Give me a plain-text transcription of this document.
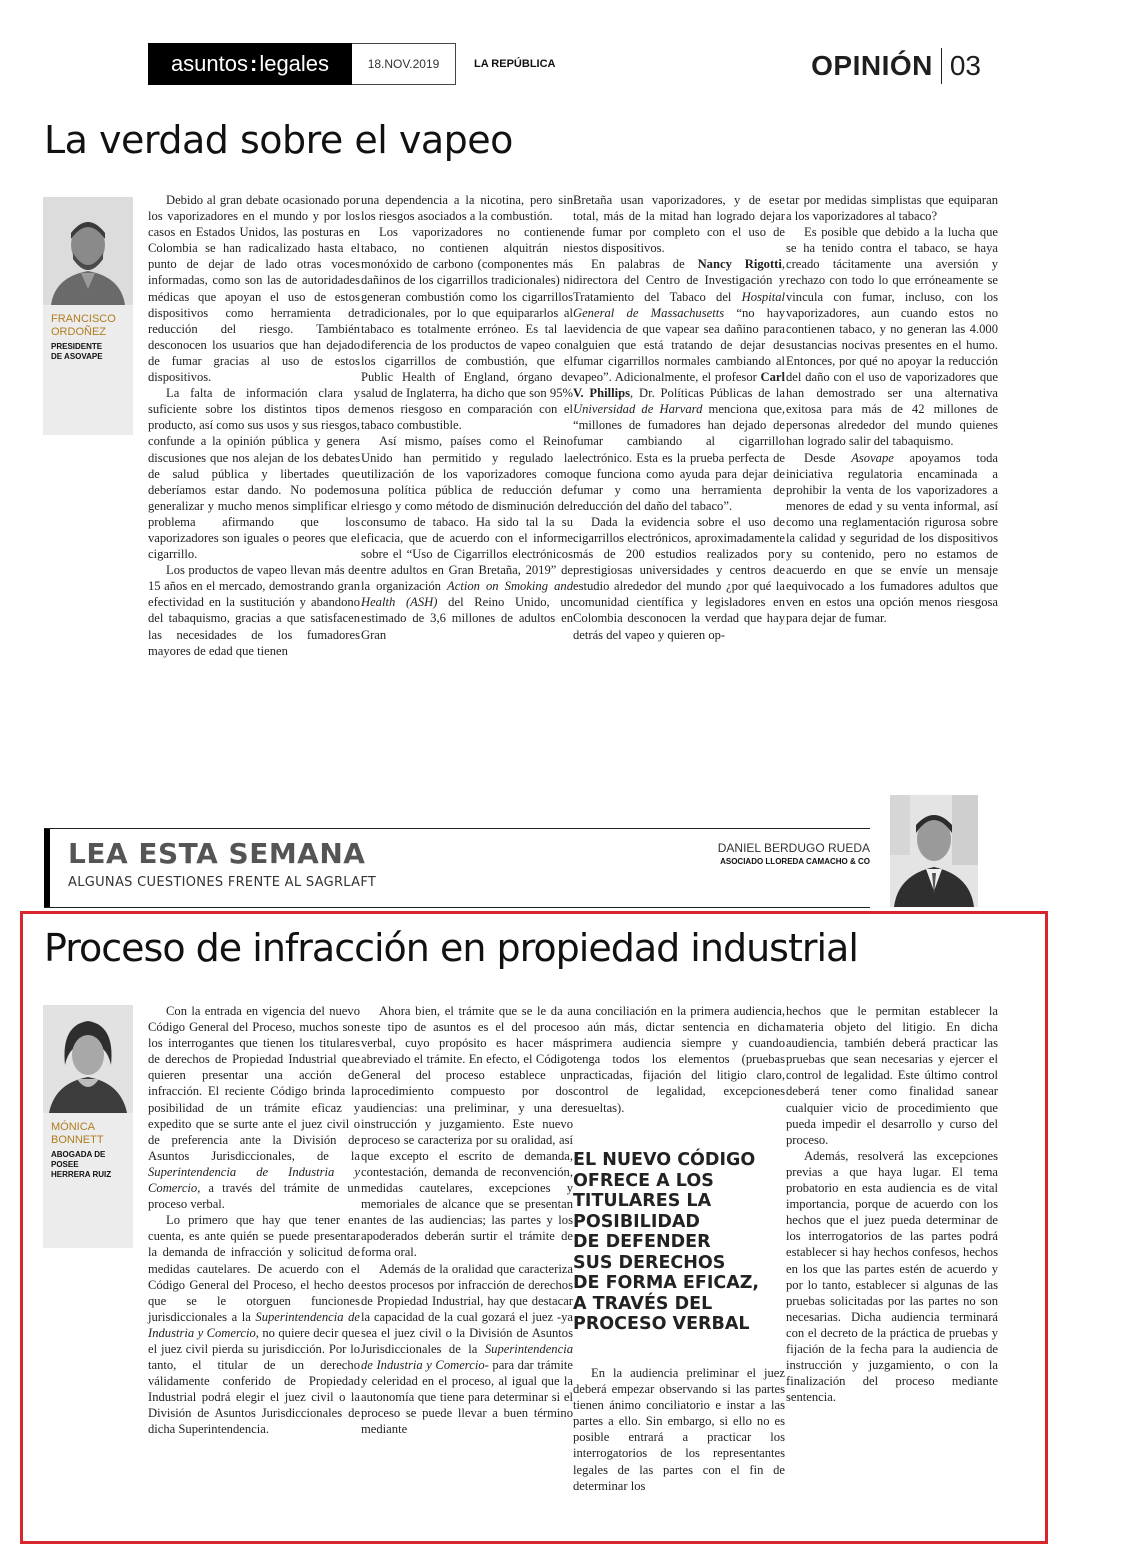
asuntos : legales	18.NOV.2019	LA REPÚBLICA	OPINIÓN 03
La verdad sobre el vapeo
FRANCISCO
ORDOÑEZ
PRESIDENTE
DE ASOVAPE

Debido al gran debate ocasionado por los vaporizadores en el mundo y por los casos en Estados Unidos, las posturas en Colombia se han radicalizado hasta el punto de dejar de lado otras voces informadas, como son las de autoridades médicas que apoyan el uso de estos dispositivos como herramienta de reducción del riesgo. También desconocen los usuarios que han dejado de fumar gracias al uso de estos dispositivos.

La falta de información clara y suficiente sobre los distintos tipos de producto, así como sus usos y sus riesgos, confunde a la opinión pública y genera discusiones que nos alejan de los debates de salud pública y libertades que deberíamos estar dando. No podemos generalizar y mucho menos simplificar el problema afirmando que los vaporizadores son iguales o peores que el cigarrillo.

Los productos de vapeo llevan más de 15 años en el mercado, demostrando gran efectividad en la sustitución y abandono del tabaquismo, gracias a que satisfacen las necesidades de los fumadores mayores de edad que tienen

una dependencia a la nicotina, pero sin los riesgos asociados a la combustión.

Los vaporizadores no contienen tabaco, no contienen alquitrán ni monóxido de carbono (componentes más dañinos de los cigarrillos tradicionales) ni generan combustión como los cigarrillos tradicionales, por lo que equipararlos al tabaco es totalmente erróneo. Es tal la diferencia de los productos de vapeo con los cigarrillos de combustión, que el Public Health of England, órgano de salud de Inglaterra, ha dicho que son 95% menos riesgoso en comparación con el tabaco combustible.

Así mismo, países como el Reino Unido han permitido y regulado la utilización de los vaporizadores como una política pública de reducción de riesgo y como método de disminución del consumo de tabaco. Ha sido tal la su eficacia, que de acuerdo con el informe sobre el “Uso de Cigarrillos electrónicos entre adultos en Gran Bretaña, 2019” de la organización Action on Smoking and Health (ASH) del Reino Unido, un estimado de 3,6 millones de adultos en Gran

Bretaña usan vaporizadores, y de ese total, más de la mitad han logrado dejar de fumar por completo con el uso de estos dispositivos.

En palabras de Nancy Rigotti, directora del Centro de Investigación y Tratamiento del Tabaco del Hospital General de Massachusetts “no hay evidencia de que vapear sea dañino para alguien que está tratando de dejar de fumar cigarrillos normales cambiando al vapeo”. Adicionalmente, el profesor Carl V. Phillips, Dr. Políticas Públicas de la Universidad de Harvard menciona que, “millones de fumadores han dejado de fumar cambiando al cigarrillo electrónico. Esta es la prueba perfecta de que funciona como ayuda para dejar de fumar y como una herramienta de reducción del daño del tabaco”.

Dada la evidencia sobre el uso de cigarrillos electrónicos, aproximadamente más de 200 estudios realizados por prestigiosas universidades y centros de estudio alrededor del mundo ¿por qué la comunidad científica y legisladores en Colombia desconocen la verdad que hay detrás del vapeo y quieren op-

tar por medidas simplistas que equiparan a los vaporizadores al tabaco?

Es posible que debido a la lucha que se ha tenido contra el tabaco, se haya creado tácitamente una aversión y rechazo con todo lo que erróneamente se vincula con fumar, incluso, con los vaporizadores, aun cuando estos no contienen tabaco, y no generan las 4.000 sustancias nocivas presentes en el humo. Entonces, por qué no apoyar la reducción del daño con el uso de vaporizadores que han demostrado ser una alternativa exitosa para más de 42 millones de personas alrededor del mundo quienes han logrado salir del tabaquismo.

Desde Asovape apoyamos toda iniciativa regulatoria encaminada a prohibir la venta de los vaporizadores a menores de edad y su venta informal, así como una reglamentación rigurosa sobre la calidad y seguridad de los dispositivos y su contenido, pero no estamos de acuerdo en que se envíe un mensaje equivocado a los fumadores adultos que ven en estos una opción menos riesgosa para dejar de fumar.

LEA ESTA SEMANA
ALGUNAS CUESTIONES FRENTE AL SAGRLAFT
DANIEL BERDUGO RUEDA
ASOCIADO LLOREDA CAMACHO & CO
Proceso de infracción en propiedad industrial
MÓNICA
BONNETT
ABOGADA DE
POSEE
HERRERA RUIZ

Con la entrada en vigencia del nuevo Código General del Proceso, muchos son los interrogantes que tienen los titulares de derechos de Propiedad Industrial que quieren presentar una acción de infracción. El reciente Código brinda la posibilidad de un trámite eficaz y expedito que se surte ante el juez civil o de preferencia ante la División de Asuntos Jurisdiccionales, de la Superintendencia de Industria y Comercio, a través del trámite de un proceso verbal.

Lo primero que hay que tener en cuenta, es ante quién se puede presentar la demanda de infracción y solicitud de medidas cautelares. De acuerdo con el Código General del Proceso, el hecho de que se le otorguen funciones jurisdiccionales a la Superintendencia de Industria y Comercio, no quiere decir que el juez civil pierda su jurisdicción. Por lo tanto, el titular de un derecho válidamente conferido de Propiedad Industrial podrá elegir el juez civil o la División de Asuntos Jurisdiccionales de dicha Superintendencia.

Ahora bien, el trámite que se le da a este tipo de asuntos es el del proceso verbal, cuyo propósito es hacer más abreviado el trámite. En efecto, el Código General del proceso establece un procedimiento compuesto por dos audiencias: una preliminar, y una de instrucción y juzgamiento. Este nuevo proceso se caracteriza por su oralidad, así que excepto el escrito de demanda, contestación, demanda de reconvención, medidas cautelares, excepciones y memoriales de alcance que se presentan antes de las audiencias; las partes y los apoderados deberán surtir el trámite de forma oral.

Además de la oralidad que caracteriza estos procesos por infracción de derechos de Propiedad Industrial, hay que destacar la capacidad de la cual gozará el juez -ya sea el juez civil o la División de Asuntos Jurisdiccionales de la Superintendencia de Industria y Comercio- para dar trámite y celeridad en el proceso, al igual que la autonomía que tiene para determinar si el proceso se puede llevar a buen término mediante

una conciliación en la primera audiencia, o aún más, dictar sentencia en dicha primera audiencia siempre y cuando tenga todos los elementos (pruebas practicadas, fijación del litigio claro, control de legalidad, excepciones resueltas).

EL NUEVO CÓDIGO
OFRECE A LOS
TITULARES LA
POSIBILIDAD
DE DEFENDER
SUS DERECHOS
DE FORMA EFICAZ,
A TRAVÉS DEL
PROCESO VERBAL

En la audiencia preliminar el juez deberá empezar observando si las partes tienen ánimo conciliatorio e instar a las partes a ello. Sin embargo, si ello no es posible entrará a practicar los interrogatorios de los representantes legales de las partes con el fin de determinar los

hechos que le permitan establecer la materia objeto del litigio. En dicha audiencia, también deberá practicar las pruebas que sean necesarias y ejercer el control de legalidad. Este último control deberá tener como finalidad sanear cualquier vicio de procedimiento que pueda impedir el desarrollo y curso del proceso.

Además, resolverá las excepciones previas a que haya lugar. El tema probatorio en esta audiencia es de vital importancia, porque de acuerdo con los hechos que el juez pueda determinar de los interrogatorios de las partes podrá establecer si hay hechos confesos, hechos en los que las partes estén de acuerdo y por lo tanto, establecer si algunas de las pruebas solicitadas por las partes no son necesarias. Dicha audiencia terminará con el decreto de la práctica de pruebas y fijación de la fecha para la audiencia de instrucción y juzgamiento, o con la finalización del proceso mediante sentencia.
